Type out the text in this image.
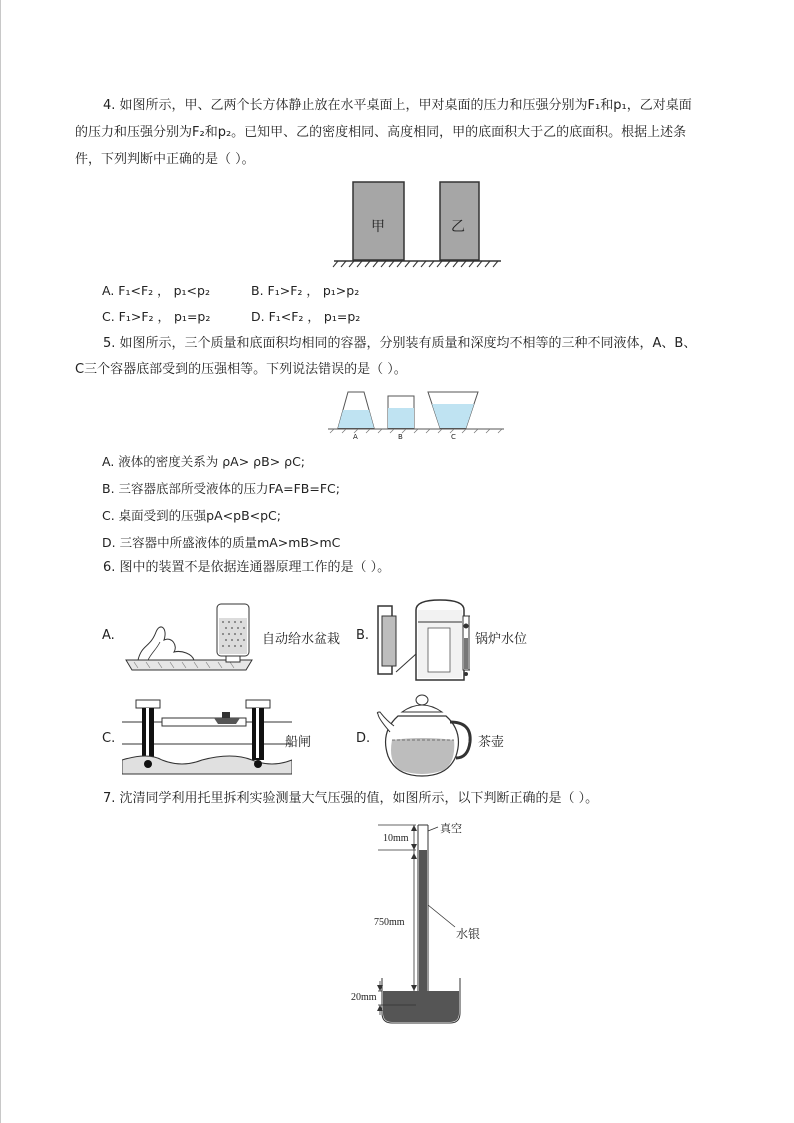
4. 如图所示，甲、乙两个长方体静止放在水平桌面上，甲对桌面的压力和压强分别为F₁和p₁，乙对桌面
的压力和压强分别为F₂和p₂。已知甲、乙的密度相同、高度相同，甲的底面积大于乙的底面积。根据上述条
件，下列判断中正确的是（ ）。
甲	乙
A. F₁<F₂ ， p₁<p₂	B. F₁>F₂ ， p₁>p₂
C. F₁>F₂ ， p₁=p₂	D. F₁<F₂ ， p₁=p₂
5. 如图所示，三个质量和底面积均相同的容器，分别装有质量和深度均不相等的三种不同液体，A、B、
C三个容器底部受到的压强相等。下列说法错误的是（ ）。
A	B	C
A. 液体的密度关系为 ρA> ρB> ρC;
B. 三容器底部所受液体的压力FA=FB=FC;
C. 桌面受到的压强pA<pB<pC;
D. 三容器中所盛液体的质量mA>mB>mC
6. 图中的装置不是依据连通器原理工作的是（ ）。
A.	自动给水盆栽 B.	锅炉水位
C.	船闸	D.	茶壶
7. 沈清同学利用托里拆利实验测量大气压强的值，如图所示，以下判断正确的是（ ）。
真空
水银
10mm
750mm
20mm
